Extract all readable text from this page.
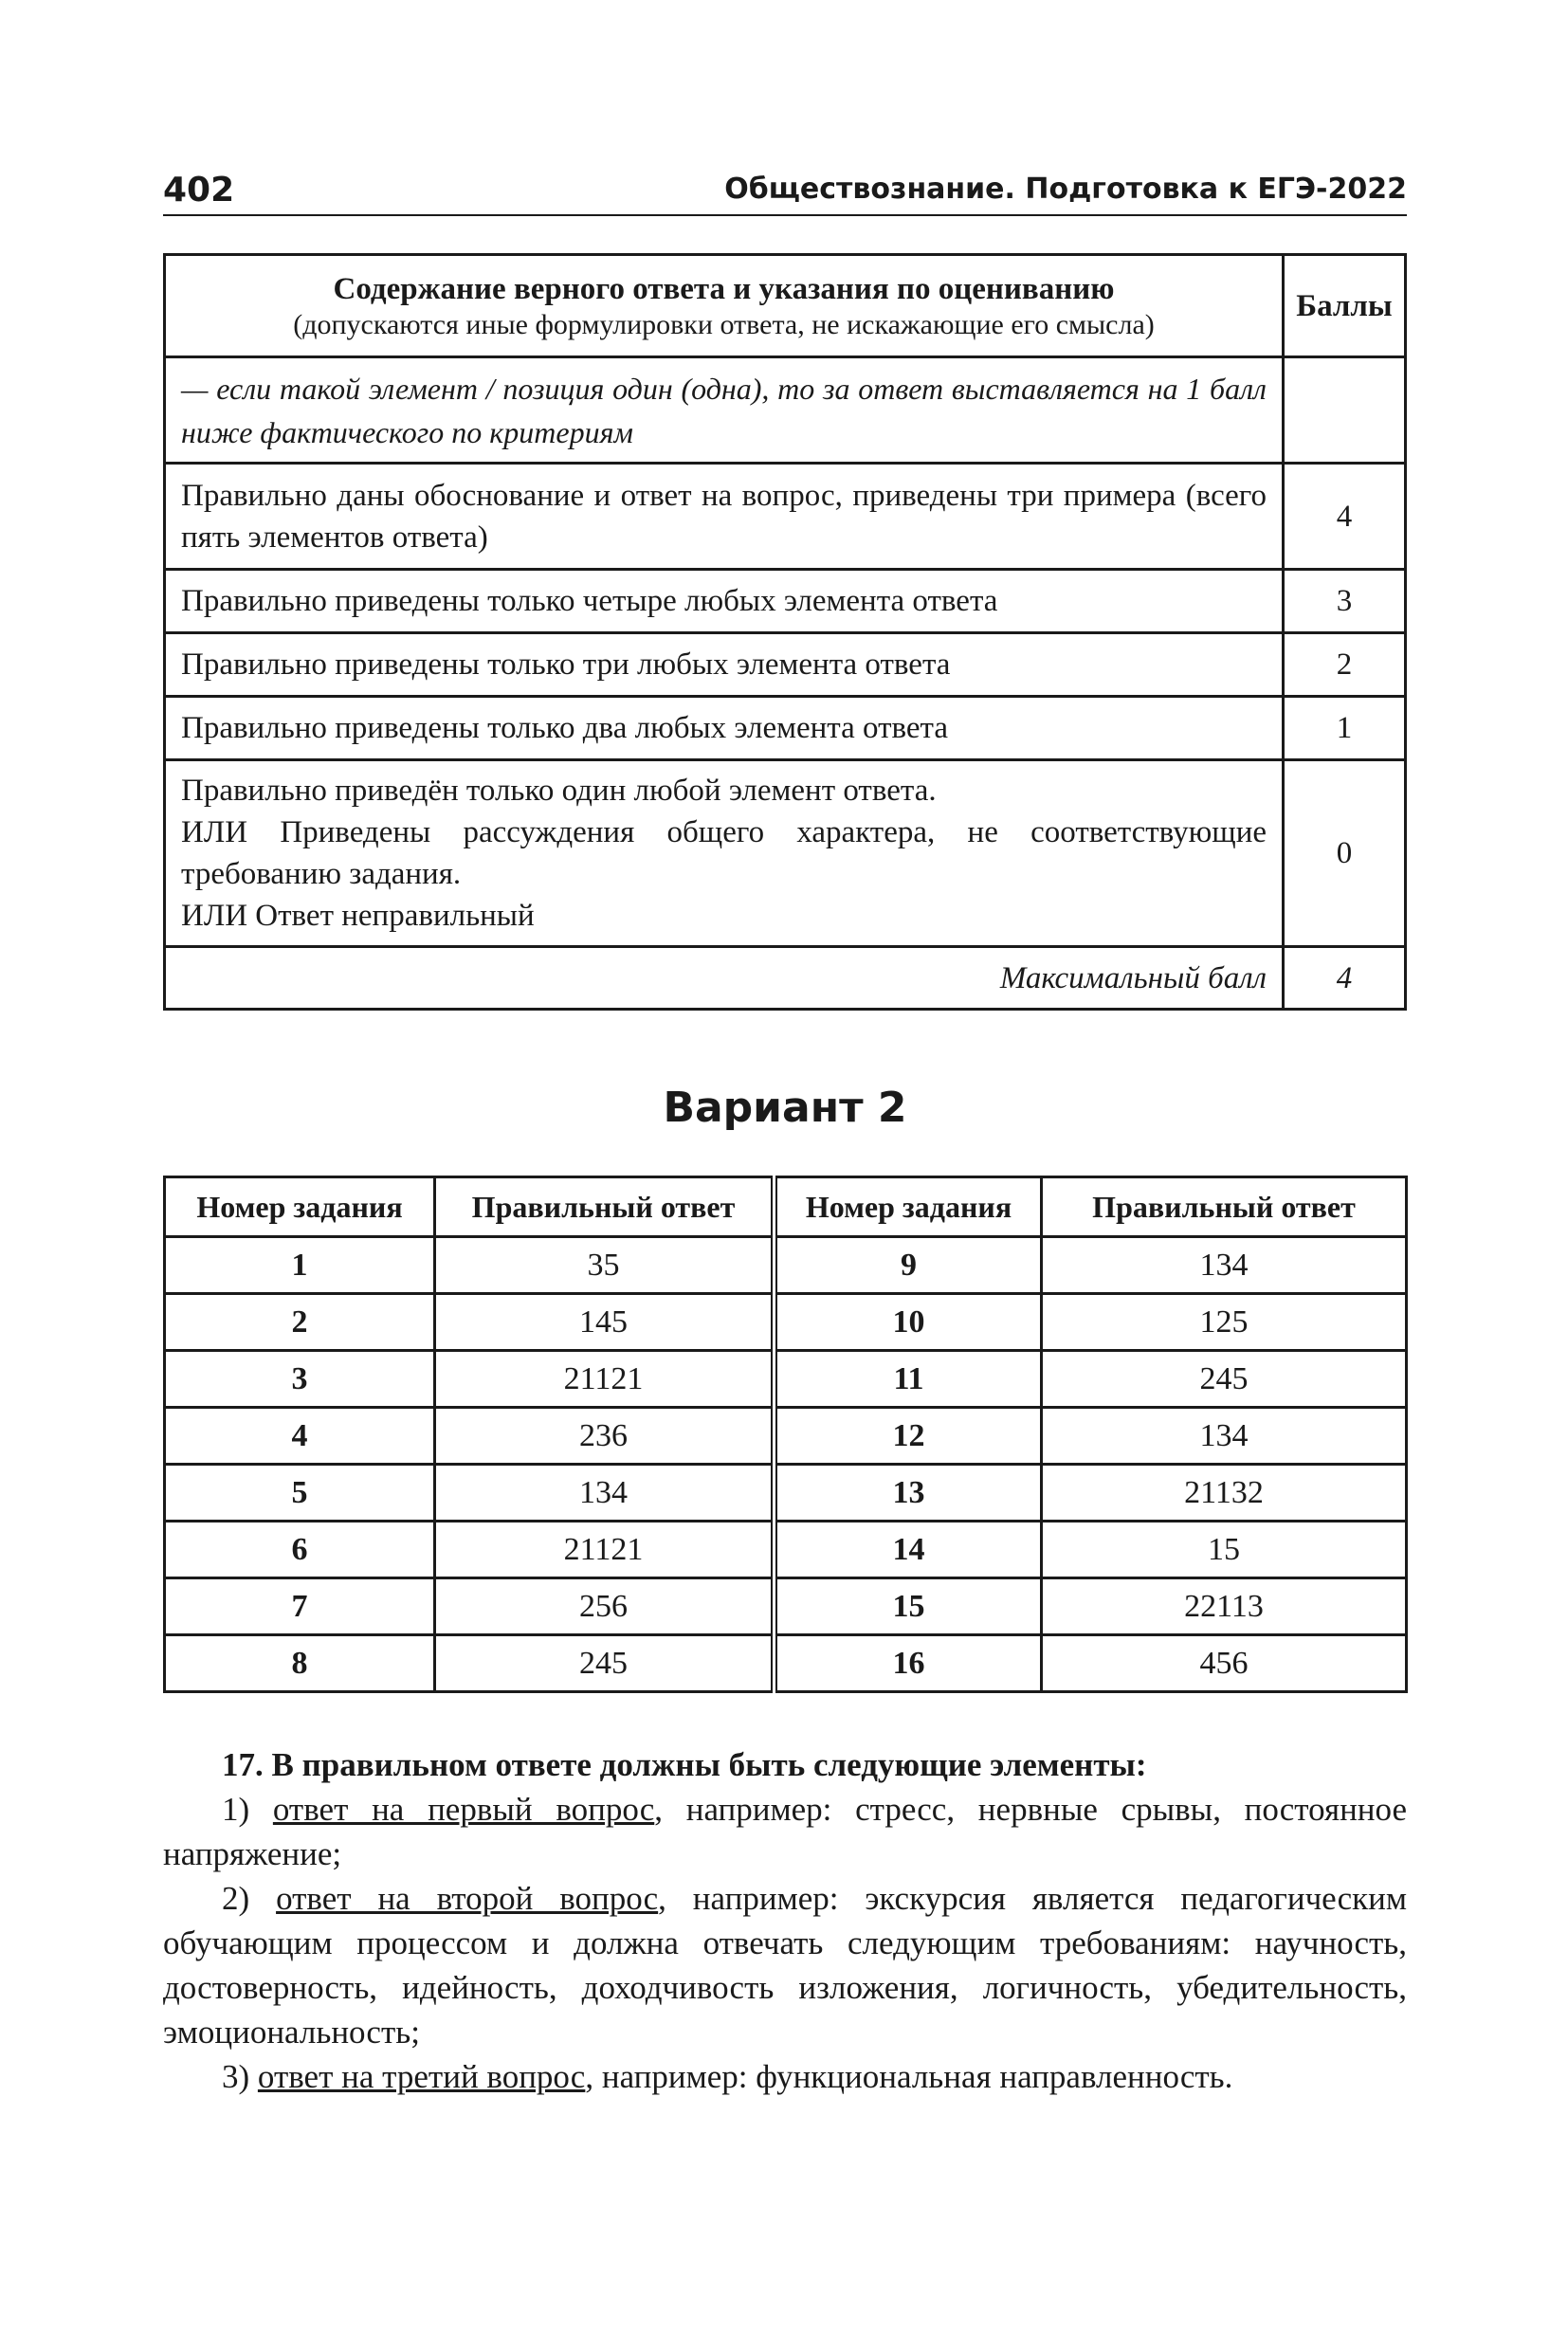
402	Обществознание. Подготовка к ЕГЭ-2022
Содержание верного ответа и указания по оцениванию
(допускаются иные формулировки ответа, не искажающие его смысла)	Баллы
— если такой элемент / позиция один (одна), то за ответ выставляется на 1 балл ниже фактического по критериям	
Правильно даны обоснование и ответ на вопрос, приведены три примера (всего пять элементов ответа)	4
Правильно приведены только четыре любых элемента ответа	3
Правильно приведены только три любых элемента ответа	2
Правильно приведены только два любых элемента ответа	1

Правильно приведён только один любой элемент ответа.
ИЛИ Приведены рассуждения общего характера, не соответствующие требованию задания.
ИЛИ Ответ неправильный	0
Максимальный балл	4
Вариант 2
Номер задания	Правильный ответ	Номер задания	Правильный ответ
1	35	9	134
2	145	10	125
3	21121	11	245
4	236	12	134
5	134	13	21132
6	21121	14	15
7	256	15	22113
8	245	16	456

17. В правильном ответе должны быть следующие элементы:

1) ответ на первый вопрос, например: стресс, нервные срывы, постоянное напряжение;

2) ответ на второй вопрос, например: экскурсия является педагогическим обучающим процессом и должна отвечать следующим требованиям: научность, достоверность, идейность, доходчивость изложения, логичность, убедительность, эмоциональность;

3) ответ на третий вопрос, например: функциональная направленность.
